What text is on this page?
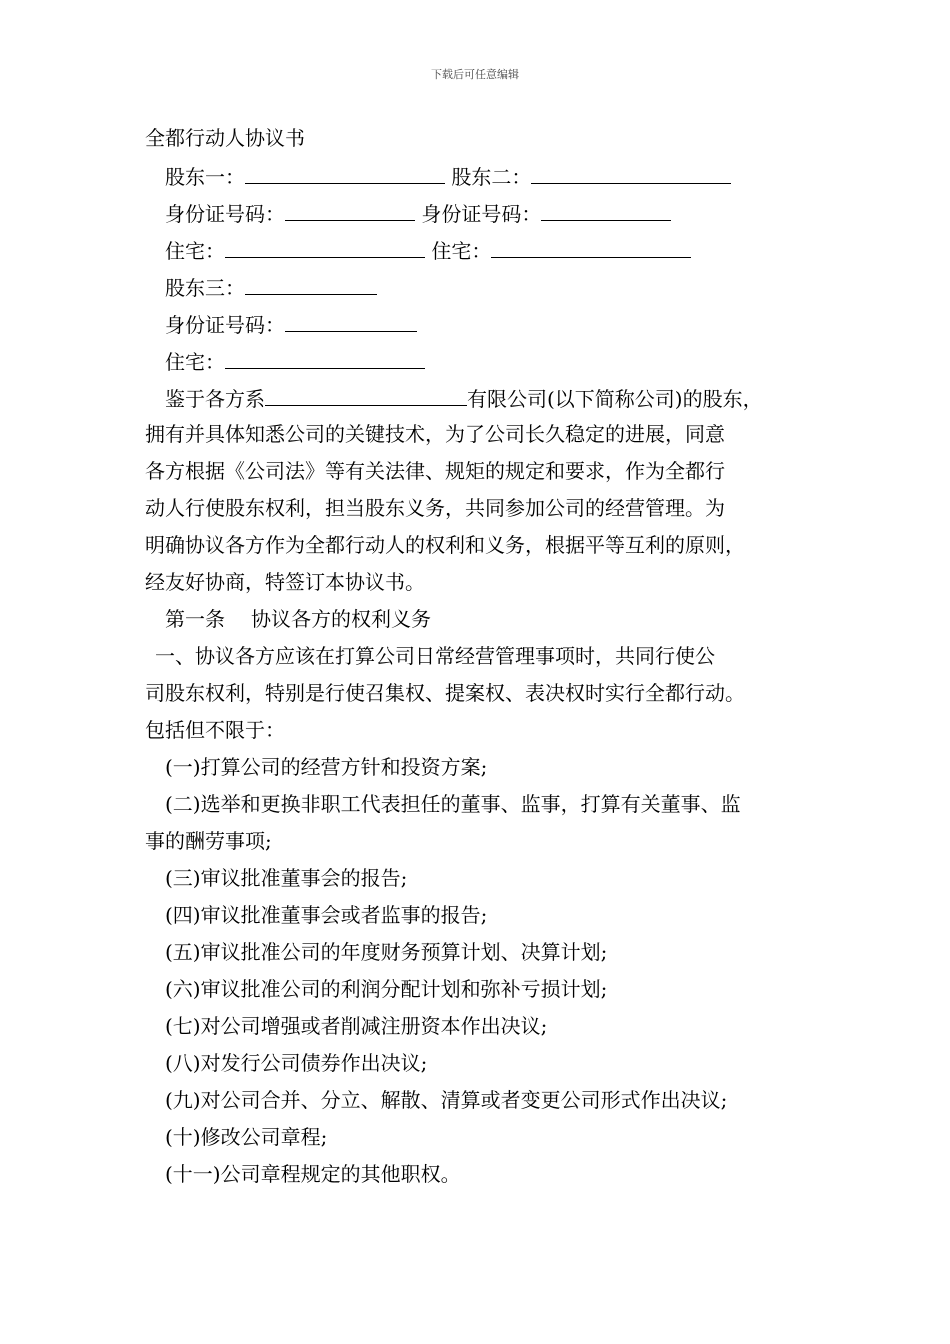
下载后可任意编辑
全都行动人协议书
股东一：	股东二：
身份证号码：	身份证号码：
住宅：	住宅：
股东三：
身份证号码：
住宅：
鉴于各方系	有限公司(以下简称公司)的股东，
拥有并具体知悉公司的关键技术，为了公司长久稳定的进展，同意
各方根据《公司法》等有关法律、规矩的规定和要求，作为全都行
动人行使股东权利，担当股东义务，共同参加公司的经营管理。为
明确协议各方作为全都行动人的权利和义务，根据平等互利的原则，
经友好协商，特签订本协议书。
第一条 协议各方的权利义务
一、协议各方应该在打算公司日常经营管理事项时，共同行使公
司股东权利，特别是行使召集权、提案权、表决权时实行全都行动。
包括但不限于：
(一)打算公司的经营方针和投资方案;
(二)选举和更换非职工代表担任的董事、监事，打算有关董事、监
事的酬劳事项;
(三)审议批准董事会的报告;
(四)审议批准董事会或者监事的报告;
(五)审议批准公司的年度财务预算计划、决算计划;
(六)审议批准公司的利润分配计划和弥补亏损计划;
(七)对公司增强或者削减注册资本作出决议;
(八)对发行公司债券作出决议;
(九)对公司合并、分立、解散、清算或者变更公司形式作出决议;
(十)修改公司章程;
(十一)公司章程规定的其他职权。
